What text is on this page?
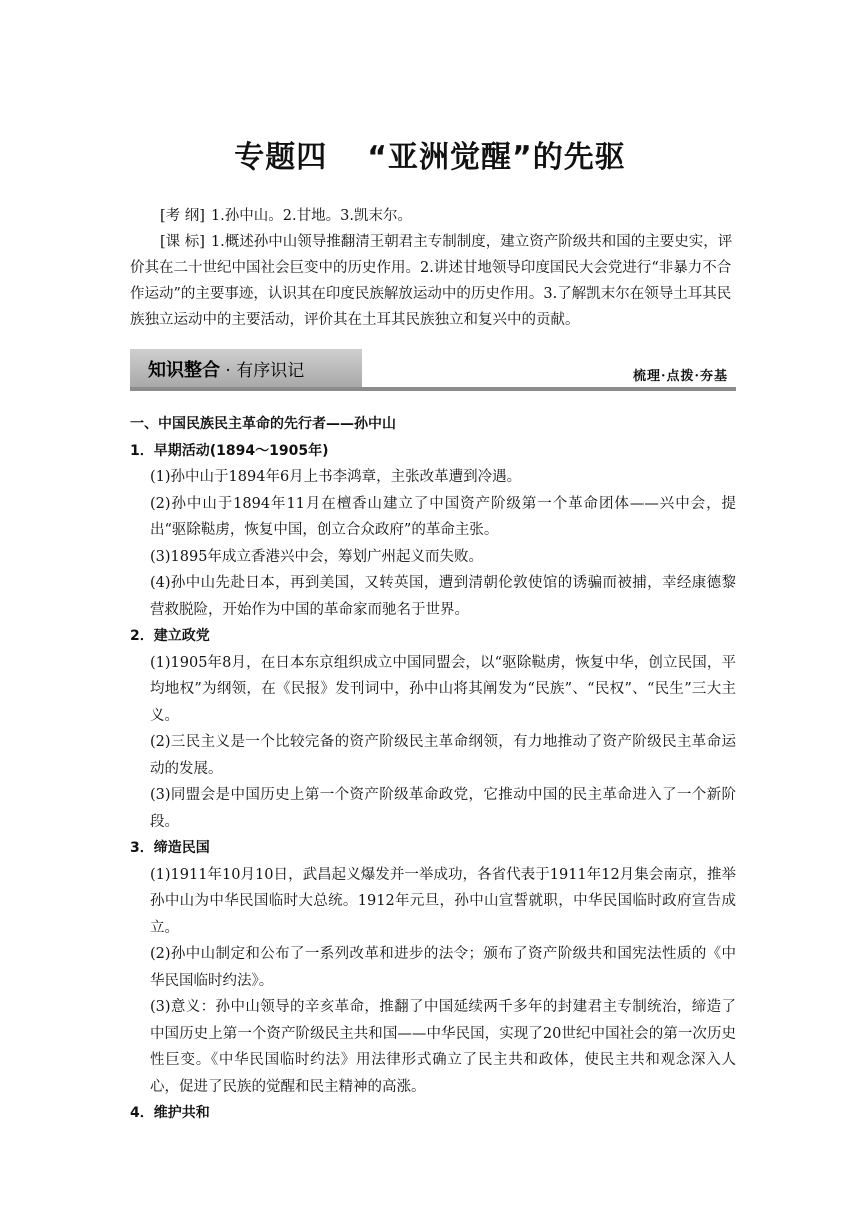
专题四 “亚洲觉醒”的先驱

[考 纲] 1.孙中山。2.甘地。3.凯末尔。

[课 标] 1.概述孙中山领导推翻清王朝君主专制制度，建立资产阶级共和国的主要史实，评价其在二十世纪中国社会巨变中的历史作用。2.讲述甘地领导印度国民大会党进行“非暴力不合作运动”的主要事迹，认识其在印度民族解放运动中的历史作用。3.了解凯末尔在领导土耳其民族独立运动中的主要活动，评价其在土耳其民族独立和复兴中的贡献。

知识整合 · 有序识记	梳理·点拨·夯基

一、中国民族民主革命的先行者——孙中山

1．早期活动(1894～1905年)

(1)孙中山于1894年6月上书李鸿章，主张改革遭到冷遇。

(2)孙中山于1894年11月在檀香山建立了中国资产阶级第一个革命团体——兴中会，提出“驱除鞑虏，恢复中国，创立合众政府”的革命主张。

(3)1895年成立香港兴中会，筹划广州起义而失败。

(4)孙中山先赴日本，再到美国，又转英国，遭到清朝伦敦使馆的诱骗而被捕，幸经康德黎营救脱险，开始作为中国的革命家而驰名于世界。

2．建立政党

(1)1905年8月，在日本东京组织成立中国同盟会，以“驱除鞑虏，恢复中华，创立民国，平均地权”为纲领，在《民报》发刊词中，孙中山将其阐发为“民族”、“民权”、“民生”三大主义。

(2)三民主义是一个比较完备的资产阶级民主革命纲领，有力地推动了资产阶级民主革命运动的发展。

(3)同盟会是中国历史上第一个资产阶级革命政党，它推动中国的民主革命进入了一个新阶段。

3．缔造民国

(1)1911年10月10日，武昌起义爆发并一举成功，各省代表于1911年12月集会南京，推举孙中山为中华民国临时大总统。1912年元旦，孙中山宣誓就职，中华民国临时政府宣告成立。

(2)孙中山制定和公布了一系列改革和进步的法令；颁布了资产阶级共和国宪法性质的《中华民国临时约法》。

(3)意义：孙中山领导的辛亥革命，推翻了中国延续两千多年的封建君主专制统治，缔造了中国历史上第一个资产阶级民主共和国——中华民国，实现了20世纪中国社会的第一次历史性巨变。《中华民国临时约法》用法律形式确立了民主共和政体，使民主共和观念深入人心，促进了民族的觉醒和民主精神的高涨。

4．维护共和
